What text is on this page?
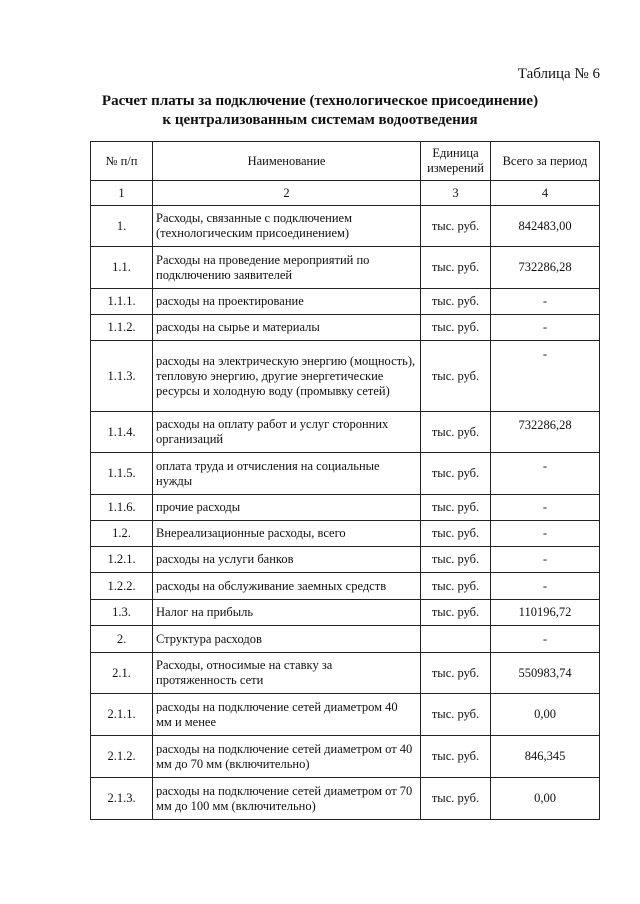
Таблица № 6
Расчет платы за подключение (технологическое присоединение)
к централизованным системам водоотведения
№ п/п	Наименование	Единица измерений	Всего за период
1	2	3	4
1.	Расходы, связанные с подключением (технологическим присоединением)	тыс. руб.	842483,00
1.1.	Расходы на проведение мероприятий по подключению заявителей	тыс. руб.	732286,28
1.1.1.	расходы на проектирование	тыс. руб.	-
1.1.2.	расходы на сырье и материалы	тыс. руб.	-
1.1.3.	расходы на электрическую энергию (мощность), тепловую энергию, другие энергетические ресурсы и холодную воду (промывку сетей)	тыс. руб.	-
1.1.4.	расходы на оплату работ и услуг сторонних организаций	тыс. руб.	732286,28
1.1.5.	оплата труда и отчисления на социальные нужды	тыс. руб.	-
1.1.6.	прочие расходы	тыс. руб.	-
1.2.	Внереализационные расходы, всего	тыс. руб.	-
1.2.1.	расходы на услуги банков	тыс. руб.	-
1.2.2.	расходы на обслуживание заемных средств	тыс. руб.	-
1.3.	Налог на прибыль	тыс. руб.	110196,72
2.	Структура расходов		-
2.1.	Расходы, относимые на ставку за протяженность сети	тыс. руб.	550983,74
2.1.1.	расходы на подключение сетей диаметром 40 мм и менее	тыс. руб.	0,00
2.1.2.	расходы на подключение сетей диаметром от 40 мм до 70 мм (включительно)	тыс. руб.	846,345
2.1.3.	расходы на подключение сетей диаметром от 70 мм до 100 мм (включительно)	тыс. руб.	0,00
